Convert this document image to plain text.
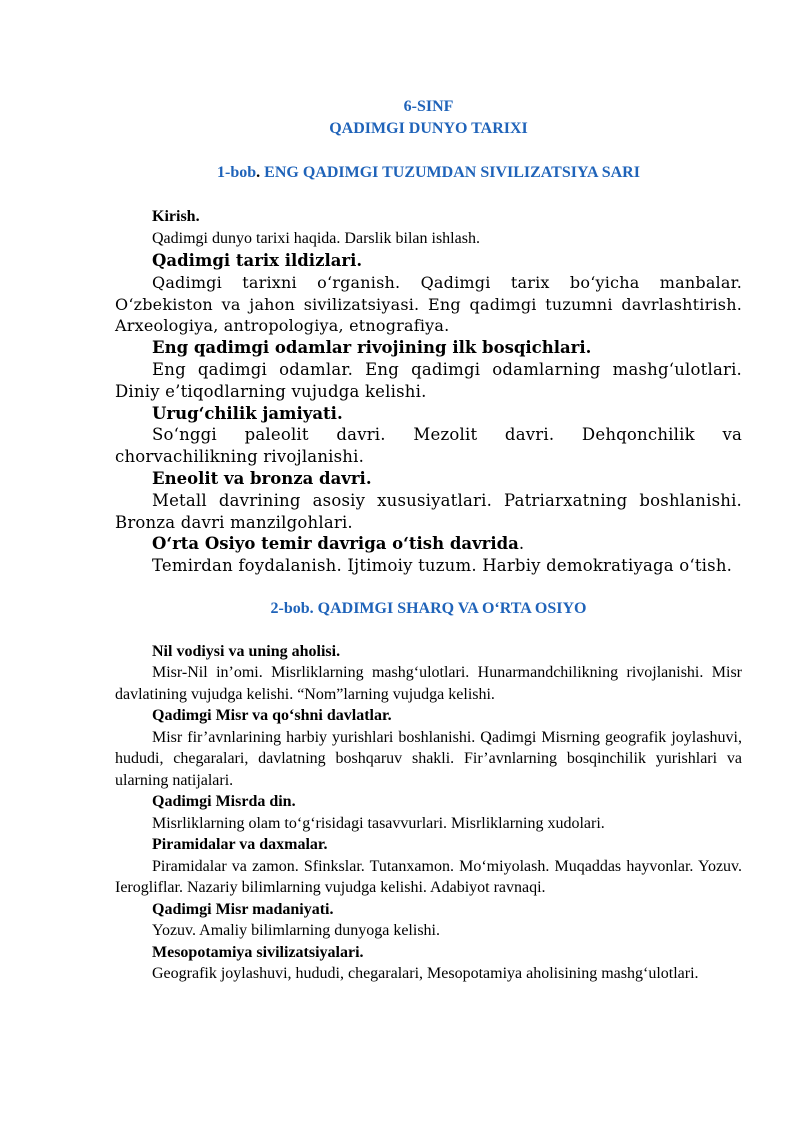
6-SINF
QADIMGI DUNYO TARIXI
1-bob. ENG QADIMGI TUZUMDAN SIVILIZATSIYA SARI
Kirish.
Qadimgi dunyo tarixi haqida. Darslik bilan ishlash.
Qadimgi tarix ildizlari.
Qadimgi tarixni o‘rganish. Qadimgi tarix bo‘yicha manbalar. O‘zbekiston va jahon sivilizatsiyasi. Eng qadimgi tuzumni davrlashtirish. Arxeologiya, antropologiya, etnografiya.
Eng qadimgi odamlar rivojining ilk bosqichlari.
Eng qadimgi odamlar. Eng qadimgi odamlarning mashg‘ulotlari. Diniy e’tiqodlarning vujudga kelishi.
Urug‘chilik jamiyati.
So‘nggi paleolit davri. Mezolit davri. Dehqonchilik va chorvachilikning rivojlanishi.
Eneolit va bronza davri.
Metall davrining asosiy xususiyatlari. Patriarxatning boshlanishi. Bronza davri manzilgohlari.
O‘rta Osiyo temir davriga o‘tish davrida.
Temirdan foydalanish. Ijtimoiy tuzum. Harbiy demokratiyaga o‘tish.
2-bob. QADIMGI SHARQ VA O‘RTA OSIYO
Nil vodiysi va uning aholisi.
Misr-Nil in’omi. Misrliklarning mashg‘ulotlari. Hunarmandchilikning rivojlanishi. Misr davlatining vujudga kelishi. “Nom”larning vujudga kelishi.
Qadimgi Misr va qo‘shni davlatlar.
Misr fir’avnlarining harbiy yurishlari boshlanishi. Qadimgi Misrning geografik joylashuvi, hududi, chegaralari, davlatning boshqaruv shakli. Fir’avnlarning bosqinchilik yurishlari va ularning natijalari.
Qadimgi Misrda din.
Misrliklarning olam to‘g‘risidagi tasavvurlari. Misrliklarning xudolari.
Piramidalar va daxmalar.
Piramidalar va zamon. Sfinkslar. Tutanxamon. Mo‘miyolash. Muqaddas hayvonlar. Yozuv. Ierogliflar. Nazariy bilimlarning vujudga kelishi. Adabiyot ravnaqi.
Qadimgi Misr madaniyati.
Yozuv. Amaliy bilimlarning dunyoga kelishi.
Mesopotamiya sivilizatsiyalari.
Geografik joylashuvi, hududi, chegaralari, Mesopotamiya aholisining mashg‘ulotlari.
